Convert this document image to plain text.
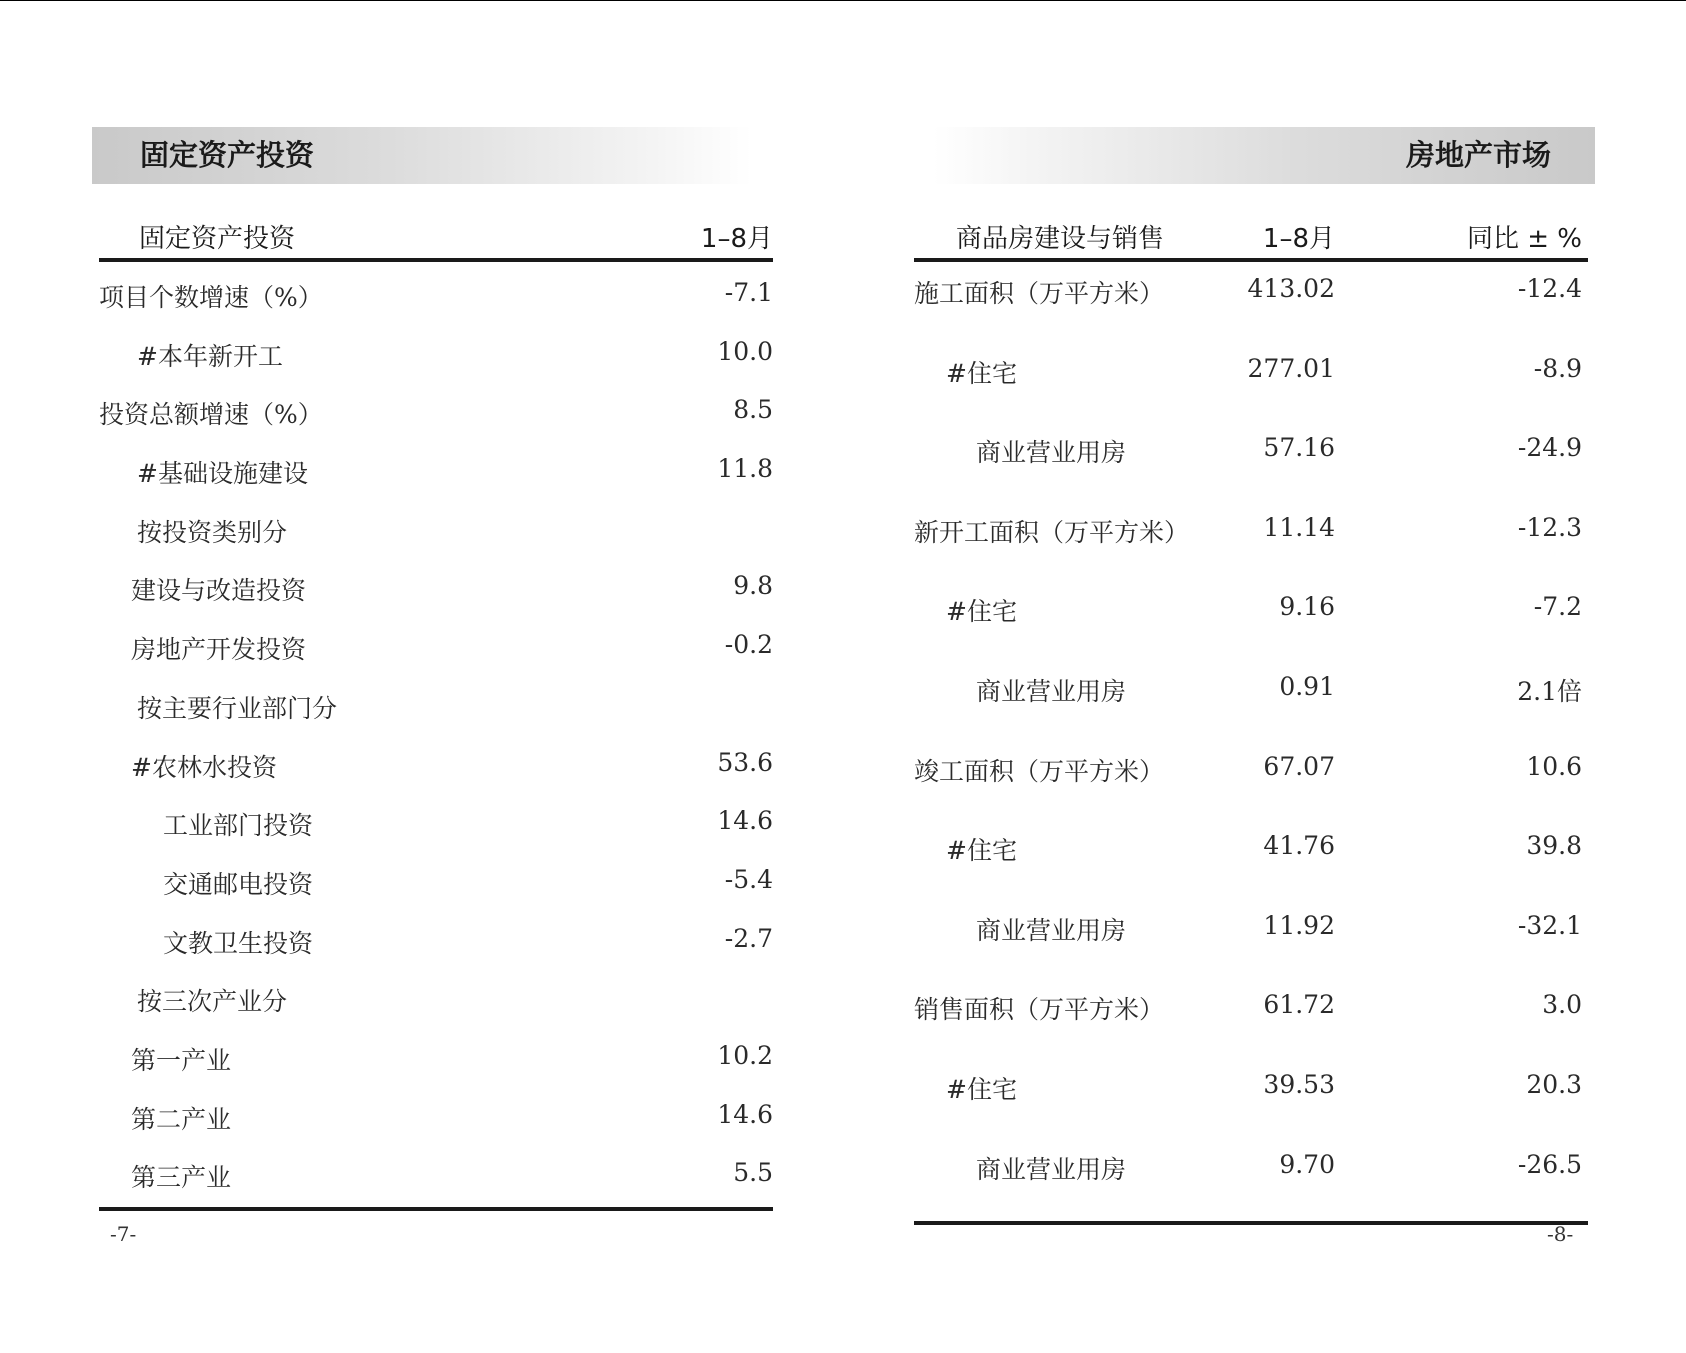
固定资产投资
固定资产投资	1–8月
项目个数增速（%）	-7.1
#本年新开工	10.0
投资总额增速（%）	8.5
#基础设施建设	11.8
按投资类别分
建设与改造投资	9.8
房地产开发投资	-0.2
按主要行业部门分
#农林水投资	53.6
工业部门投资	14.6
交通邮电投资	-5.4
文教卫生投资	-2.7
按三次产业分
第一产业	10.2
第二产业	14.6
第三产业	5.5
-7-
房地产市场
商品房建设与销售	1–8月	同比 ± %
施工面积（万平方米）	413.02	-12.4
#住宅	277.01	-8.9
商业营业用房	57.16	-24.9
新开工面积（万平方米）	11.14	-12.3
#住宅	9.16	-7.2
商业营业用房	0.91	2.1倍
竣工面积（万平方米）	67.07	10.6
#住宅	41.76	39.8
商业营业用房	11.92	-32.1
销售面积（万平方米）	61.72	3.0
#住宅	39.53	20.3
商业营业用房	9.70	-26.5
-8-
